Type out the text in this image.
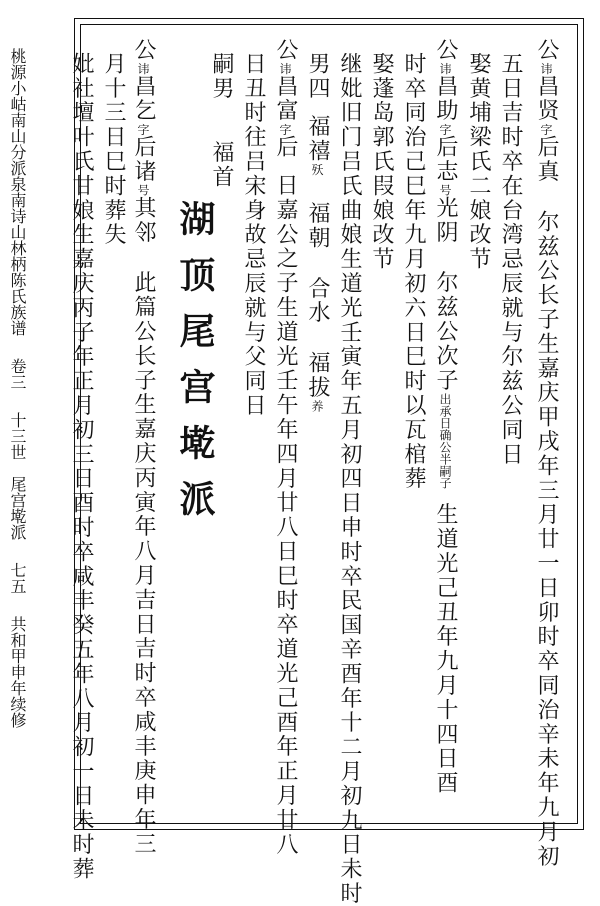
桃源小岵南山分派泉南诗山林柄陈氏族谱
卷三
十三世　尾宫墘派
七五
共和甲申年续修
湖顶尾宫墘派
公讳昌贤字后真尔兹公长子生嘉庆甲戌年三月廿一日卯时卒同治辛未年九月初
五日吉时卒在台湾忌辰就与尔兹公同日
娶黄埔梁氏二娘改节
公讳昌助字后志号光阴尔兹公次子出承日确公半嗣子生道光己丑年九月十四日酉
时卒同治己巳年九月初六日巳时以瓦棺葬
娶蓬岛郭氏叚娘改节
继妣旧门吕氏曲娘生道光壬寅年五月初四日申时卒民国辛酉年十二月初九日未时
男四福禧殀福朝合水福拔养
公讳昌富字后日嘉公之子生道光壬午年四月廿八日巳时卒道光己酉年正月廿八
日丑时往吕宋身故忌辰就与父同日
嗣男福首
公讳昌乞字后诸号其邻此篇公长子生嘉庆丙寅年八月吉日吉时卒咸丰庚申年三
月十三日巳时葬失
妣社壇叶氏甘娘生嘉庆丙子年正月初三日酉时卒咸丰癸五年八月初一日未时葬
